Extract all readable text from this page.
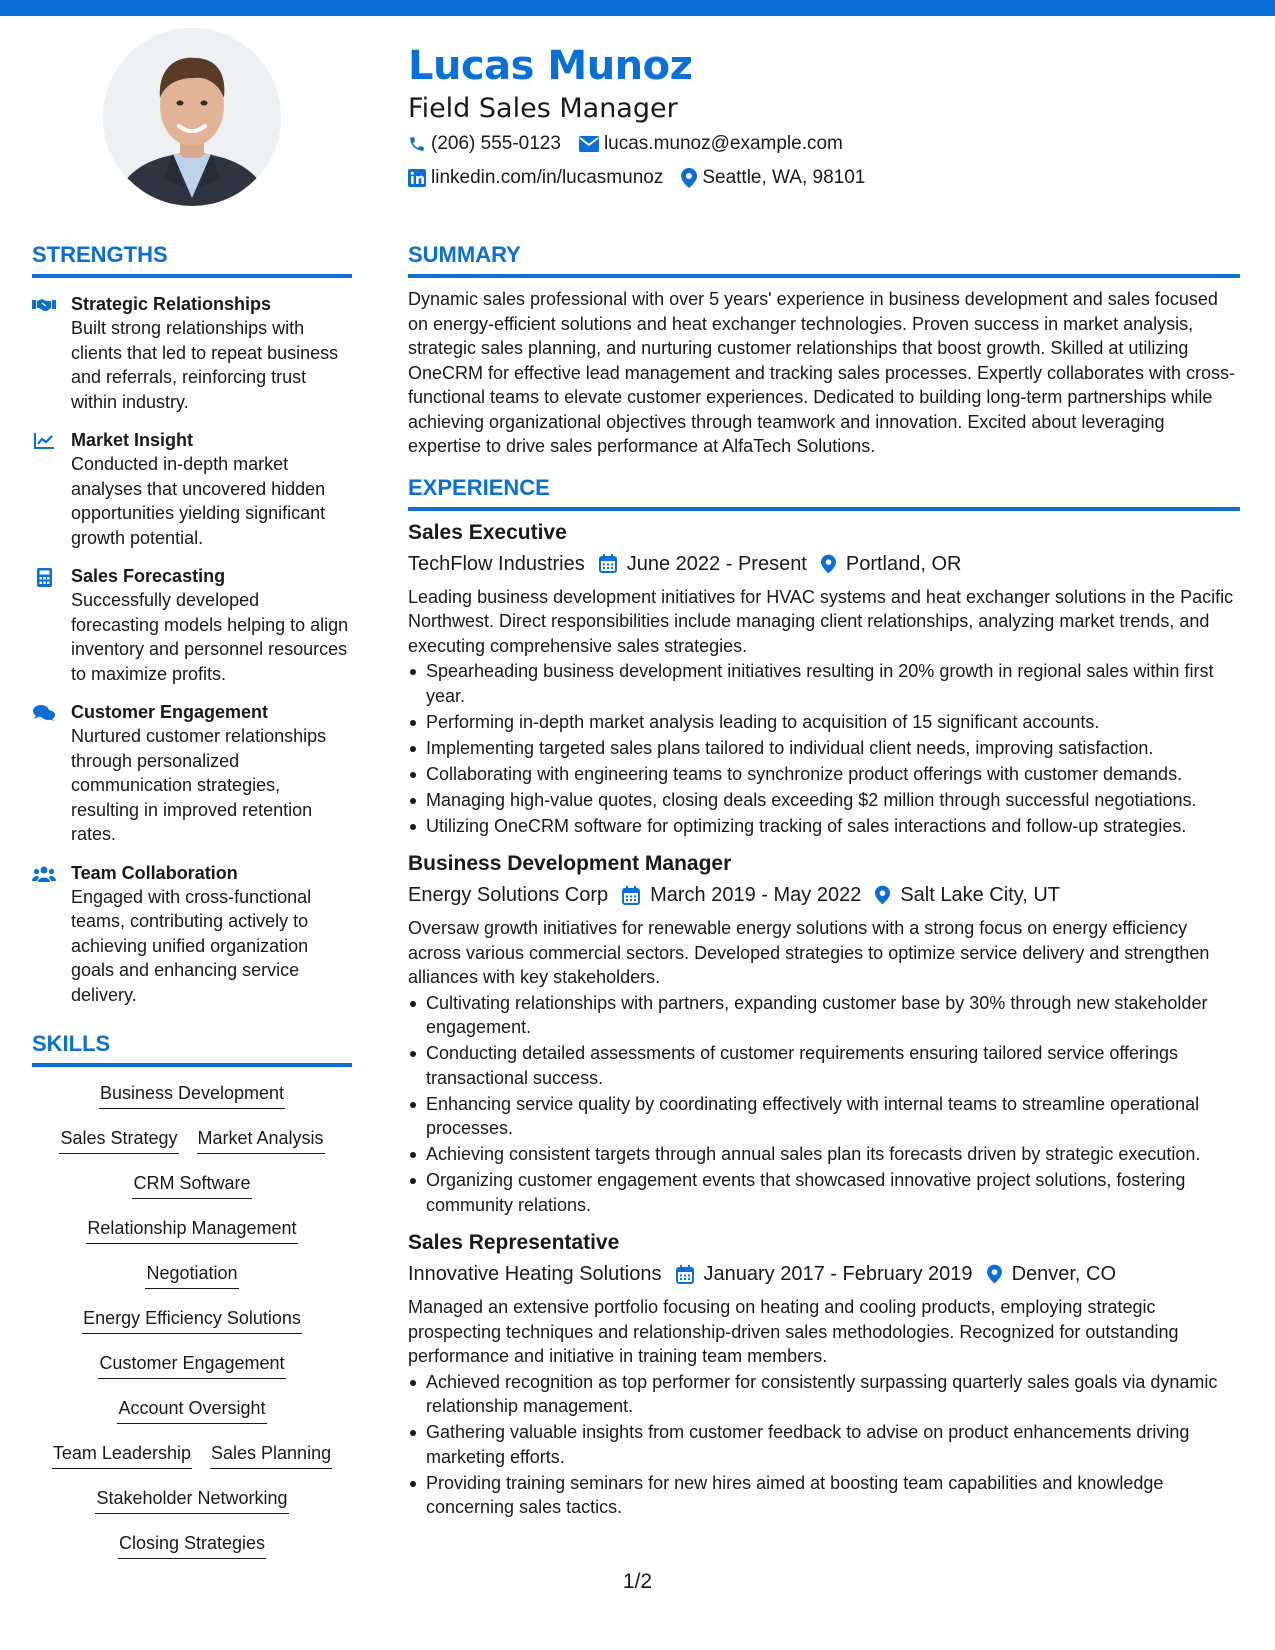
Lucas Munoz
Field Sales Manager
(206) 555-0123 lucas.munoz@example.com
linkedin.com/in/lucasmunoz Seattle, WA, 98101
STRENGTHS
Strategic Relationships
Built strong relationships with clients that led to repeat business and referrals, reinforcing trust within industry.
Market Insight
Conducted in-depth market analyses that uncovered hidden opportunities yielding significant growth potential.
Sales Forecasting
Successfully developed forecasting models helping to align inventory and personnel resources to maximize profits.
Customer Engagement
Nurtured customer relationships through personalized communication strategies, resulting in improved retention rates.
Team Collaboration
Engaged with cross-functional teams, contributing actively to achieving unified organization goals and enhancing service delivery.
SKILLS
Business Development
Sales Strategy Market Analysis
CRM Software
Relationship Management
Negotiation
Energy Efficiency Solutions
Customer Engagement
Account Oversight
Team Leadership Sales Planning
Stakeholder Networking
Closing Strategies
SUMMARY
Dynamic sales professional with over 5 years' experience in business development and sales focused on energy-efficient solutions and heat exchanger technologies. Proven success in market analysis, strategic sales planning, and nurturing customer relationships that boost growth. Skilled at utilizing OneCRM for effective lead management and tracking sales processes. Expertly collaborates with cross-functional teams to elevate customer experiences. Dedicated to building long-term partnerships while achieving organizational objectives through teamwork and innovation. Excited about leveraging expertise to drive sales performance at AlfaTech Solutions.
EXPERIENCE
Sales Executive
TechFlow Industries June 2022 - Present Portland, OR
Leading business development initiatives for HVAC systems and heat exchanger solutions in the Pacific Northwest. Direct responsibilities include managing client relationships, analyzing market trends, and executing comprehensive sales strategies.
Spearheading business development initiatives resulting in 20% growth in regional sales within first year.
Performing in-depth market analysis leading to acquisition of 15 significant accounts.
Implementing targeted sales plans tailored to individual client needs, improving satisfaction.
Collaborating with engineering teams to synchronize product offerings with customer demands.
Managing high-value quotes, closing deals exceeding $2 million through successful negotiations.
Utilizing OneCRM software for optimizing tracking of sales interactions and follow-up strategies.
Business Development Manager
Energy Solutions Corp March 2019 - May 2022 Salt Lake City, UT
Oversaw growth initiatives for renewable energy solutions with a strong focus on energy efficiency across various commercial sectors. Developed strategies to optimize service delivery and strengthen alliances with key stakeholders.
Cultivating relationships with partners, expanding customer base by 30% through new stakeholder engagement.
Conducting detailed assessments of customer requirements ensuring tailored service offerings transactional success.
Enhancing service quality by coordinating effectively with internal teams to streamline operational processes.
Achieving consistent targets through annual sales plan its forecasts driven by strategic execution.
Organizing customer engagement events that showcased innovative project solutions, fostering community relations.
Sales Representative
Innovative Heating Solutions January 2017 - February 2019 Denver, CO
Managed an extensive portfolio focusing on heating and cooling products, employing strategic prospecting techniques and relationship-driven sales methodologies. Recognized for outstanding performance and initiative in training team members.
Achieved recognition as top performer for consistently surpassing quarterly sales goals via dynamic relationship management.
Gathering valuable insights from customer feedback to advise on product enhancements driving marketing efforts.
Providing training seminars for new hires aimed at boosting team capabilities and knowledge concerning sales tactics.
1/2
